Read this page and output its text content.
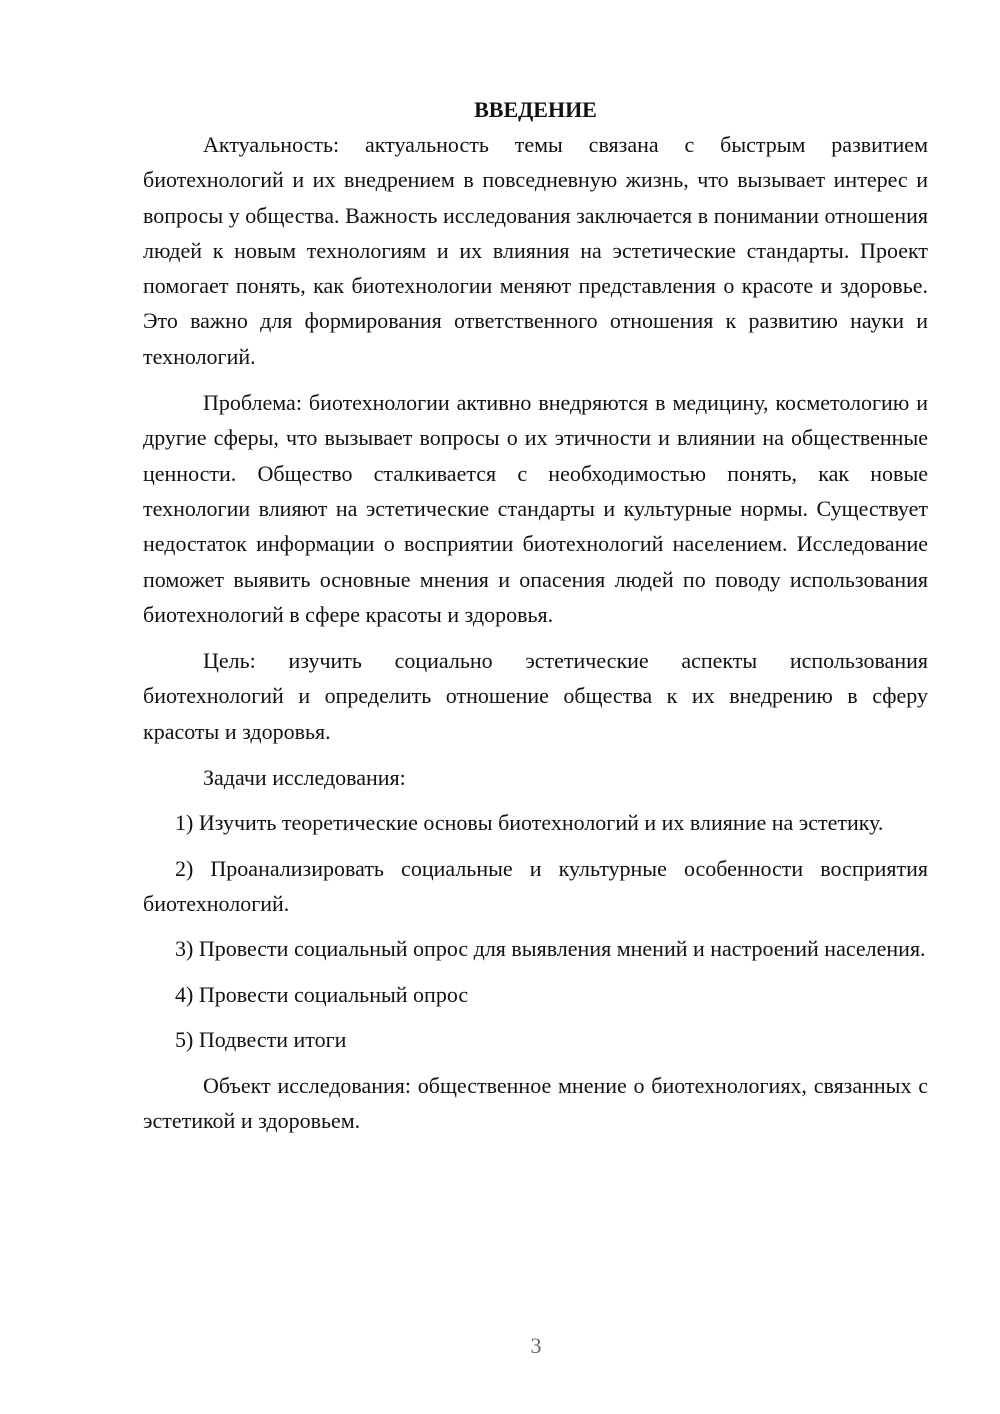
ВВЕДЕНИЕ

Актуальность: актуальность темы связана с быстрым развитием биотехнологий и их внедрением в повседневную жизнь, что вызывает интерес и вопросы у общества. Важность исследования заключается в понимании отношения людей к новым технологиям и их влияния на эстетические стандарты. Проект помогает понять, как биотехнологии меняют представления о красоте и здоровье. Это важно для формирования ответственного отношения к развитию науки и технологий.

Проблема: биотехнологии активно внедряются в медицину, косметологию и другие сферы, что вызывает вопросы о их этичности и влиянии на общественные ценности. Общество сталкивается с необходимостью понять, как новые технологии влияют на эстетические стандарты и культурные нормы. Существует недостаток информации о восприятии биотехнологий населением. Исследование поможет выявить основные мнения и опасения людей по поводу использования биотехнологий в сфере красоты и здоровья.

Цель: изучить социально эстетические аспекты использования биотехнологий и определить отношение общества к их внедрению в сферу красоты и здоровья.

Задачи исследования:

1) Изучить теоретические основы биотехнологий и их влияние на эстетику.

2) Проанализировать социальные и культурные особенности восприятия биотехнологий.

3) Провести социальный опрос для выявления мнений и настроений населения.

4) Провести социальный опрос

5) Подвести итоги

Объект исследования: общественное мнение о биотехнологиях, связанных с эстетикой и здоровьем.

3
